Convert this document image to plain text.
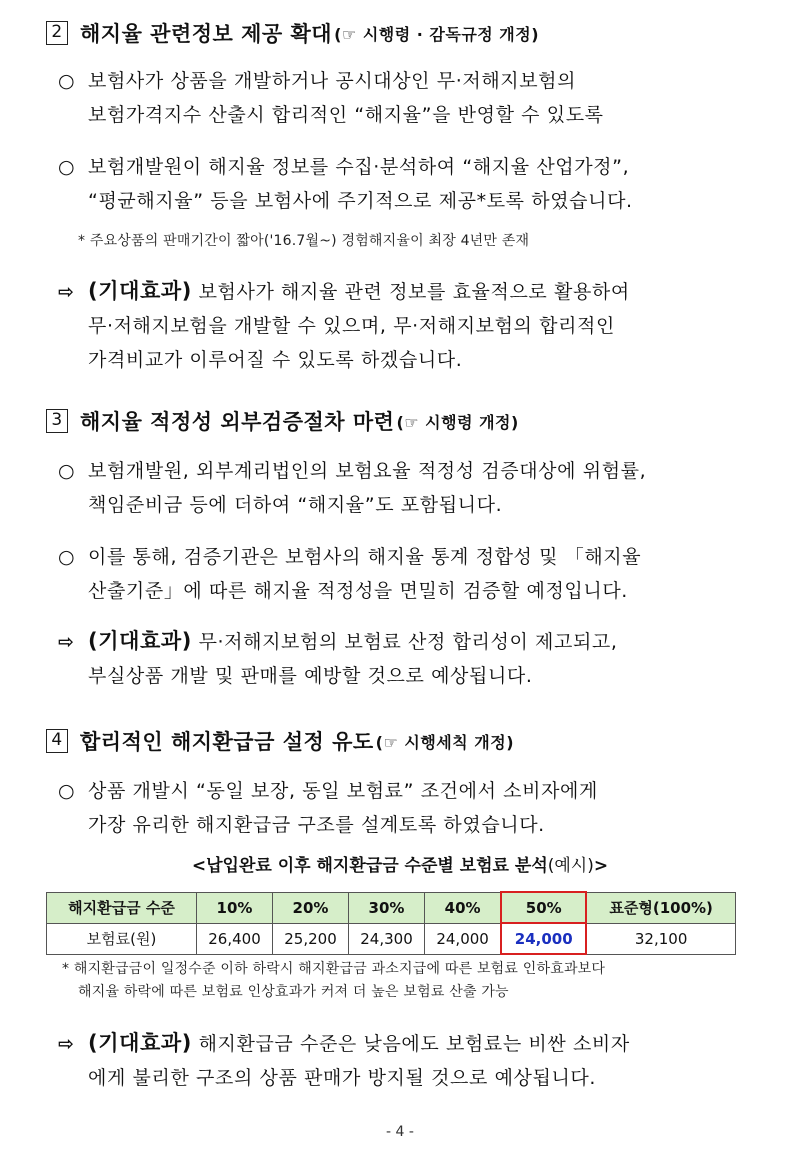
2 해지율 관련정보 제공 확대 (☞ 시행령 · 감독규정 개정)
○ 보험사가 상품을 개발하거나 공시대상인 무·저해지보험의
보험가격지수 산출시 합리적인 “해지율”을 반영할 수 있도록
○ 보험개발원이 해지율 정보를 수집·분석하여 “해지율 산업가정”,
“평균해지율” 등을 보험사에 주기적으로 제공*토록 하였습니다.
* 주요상품의 판매기간이 짧아('16.7월~) 경험해지율이 최장 4년만 존재
⇨ (기대효과) 보험사가 해지율 관련 정보를 효율적으로 활용하여
무·저해지보험을 개발할 수 있으며, 무·저해지보험의 합리적인
가격비교가 이루어질 수 있도록 하겠습니다.
3 해지율 적정성 외부검증절차 마련 (☞ 시행령 개정)
○ 보험개발원, 외부계리법인의 보험요율 적정성 검증대상에 위험률,
책임준비금 등에 더하여 “해지율”도 포함됩니다.
○ 이를 통해, 검증기관은 보험사의 해지율 통계 정합성 및 「해지율
산출기준」에 따른 해지율 적정성을 면밀히 검증할 예정입니다.
⇨ (기대효과) 무·저해지보험의 보험료 산정 합리성이 제고되고,
부실상품 개발 및 판매를 예방할 것으로 예상됩니다.
4 합리적인 해지환급금 설정 유도 (☞ 시행세칙 개정)
○ 상품 개발시 “동일 보장, 동일 보험료” 조건에서 소비자에게
가장 유리한 해지환급금 구조를 설계토록 하였습니다.
<납입완료 이후 해지환급금 수준별 보험료 분석(예시)>
해지환급금 수준	10%	20%	30%	40%	50%	표준형(100%)
보험료(원)	26,400	25,200	24,300	24,000	24,000	32,100
* 해지환급금이 일정수준 이하 하락시 해지환급금 과소지급에 따른 보험료 인하효과보다
해지율 하락에 따른 보험료 인상효과가 커져 더 높은 보험료 산출 가능
⇨ (기대효과) 해지환급금 수준은 낮음에도 보험료는 비싼 소비자
에게 불리한 구조의 상품 판매가 방지될 것으로 예상됩니다.
- 4 -
